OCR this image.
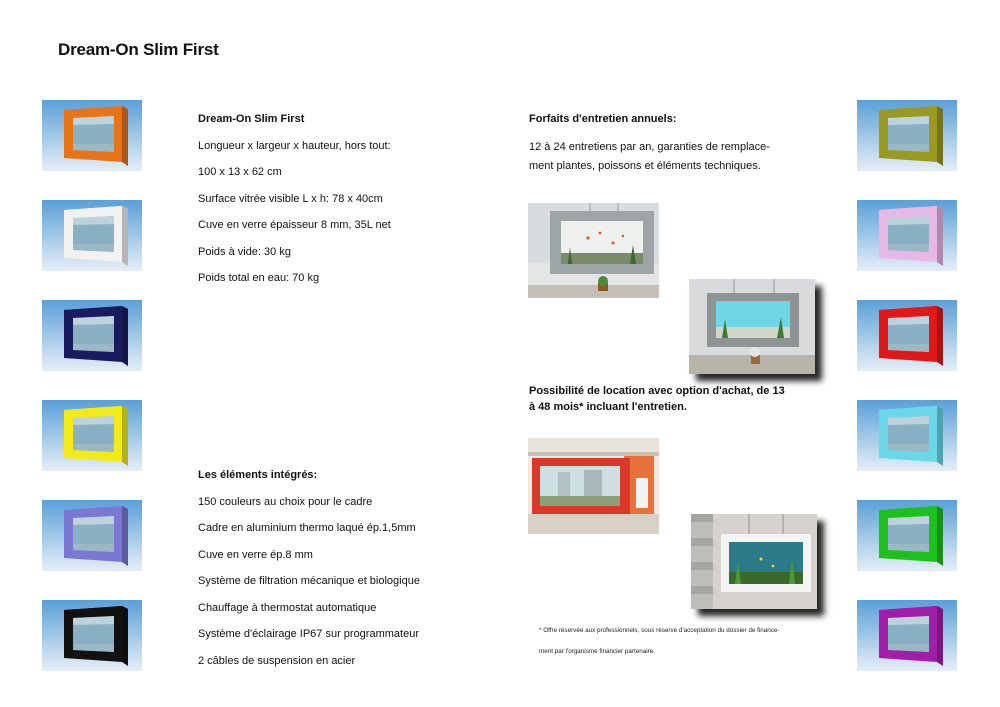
Dream-On Slim First
Dream-On Slim First
Longueur x largeur x hauteur, hors tout:
100 x 13 x 62 cm
Surface vitrée visible L x h: 78 x 40cm
Cuve en verre épaisseur 8 mm, 35L net
Poids à vide: 30 kg
Poids total en eau: 70 kg
Les éléments intégrés:
150 couleurs au choix pour le cadre
Cadre en aluminium thermo laqué ép.1,5mm
Cuve en verre ép.8 mm
Système de filtration mécanique et biologique
Chauffage à thermostat automatique
Système d'éclairage IP67 sur programmateur
2 câbles de suspension en acier
Forfaits d'entretien annuels:
12 à 24 entretiens par an, garanties de remplace-
ment plantes, poissons et éléments techniques.
Possibilité de location avec option d'achat, de 13
à 48 mois* incluant l'entretien.
* Offre réservée aux professionnels, sous réserve d'acceptation du dossier de finance-
ment par l'organisme financier partenaire.
